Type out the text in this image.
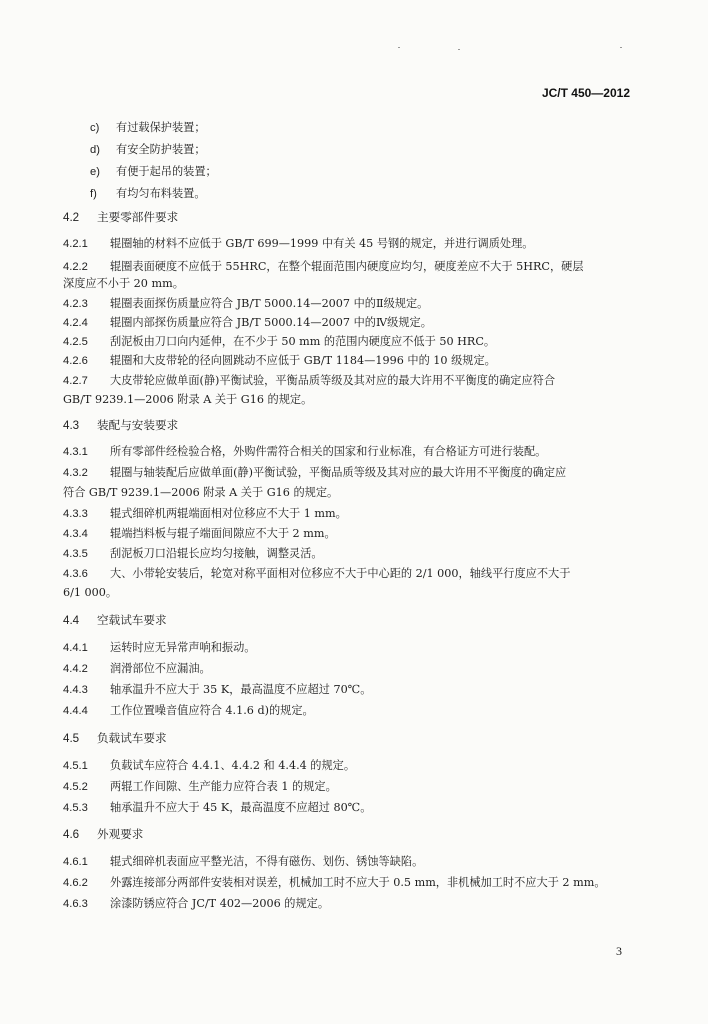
JC/T 450—2012
c) 有过载保护装置；
d) 有安全防护装置；
e) 有便于起吊的装置；
f) 有均匀布料装置。
4.2 主要零部件要求
4.2.1 辊圈轴的材料不应低于 GB/T 699—1999 中有关 45 号钢的规定，并进行调质处理。
4.2.2 辊圈表面硬度不应低于 55HRC，在整个辊面范围内硬度应均匀，硬度差应不大于 5HRC，硬层
深度应不小于 20 mm。
4.2.3 辊圈表面探伤质量应符合 JB/T 5000.14—2007 中的Ⅱ级规定。
4.2.4 辊圈内部探伤质量应符合 JB/T 5000.14—2007 中的Ⅳ级规定。
4.2.5 刮泥板由刀口向内延伸，在不少于 50 mm 的范围内硬度应不低于 50 HRC。
4.2.6 辊圈和大皮带轮的径向圆跳动不应低于 GB/T 1184—1996 中的 10 级规定。
4.2.7 大皮带轮应做单面(静)平衡试验，平衡品质等级及其对应的最大许用不平衡度的确定应符合
GB/T 9239.1—2006 附录 A 关于 G16 的规定。
4.3 装配与安装要求
4.3.1 所有零部件经检验合格，外购件需符合相关的国家和行业标准，有合格证方可进行装配。
4.3.2 辊圈与轴装配后应做单面(静)平衡试验，平衡品质等级及其对应的最大许用不平衡度的确定应
符合 GB/T 9239.1—2006 附录 A 关于 G16 的规定。
4.3.3 辊式细碎机两辊端面相对位移应不大于 1 mm。
4.3.4 辊端挡料板与辊子端面间隙应不大于 2 mm。
4.3.5 刮泥板刀口沿辊长应均匀接触，调整灵活。
4.3.6 大、小带轮安装后，轮宽对称平面相对位移应不大于中心距的 2/1 000，轴线平行度应不大于
6/1 000。
4.4 空载试车要求
4.4.1 运转时应无异常声响和振动。
4.4.2 润滑部位不应漏油。
4.4.3 轴承温升不应大于 35 K，最高温度不应超过 70℃。
4.4.4 工作位置噪音值应符合 4.1.6 d)的规定。
4.5 负载试车要求
4.5.1 负载试车应符合 4.4.1、4.4.2 和 4.4.4 的规定。
4.5.2 两辊工作间隙、生产能力应符合表 1 的规定。
4.5.3 轴承温升不应大于 45 K，最高温度不应超过 80℃。
4.6 外观要求
4.6.1 辊式细碎机表面应平整光洁，不得有磁伤、划伤、锈蚀等缺陷。
4.6.2 外露连接部分两部件安装相对误差，机械加工时不应大于 0.5 mm，非机械加工时不应大于 2 mm。
4.6.3 涂漆防锈应符合 JC/T 402—2006 的规定。
3
